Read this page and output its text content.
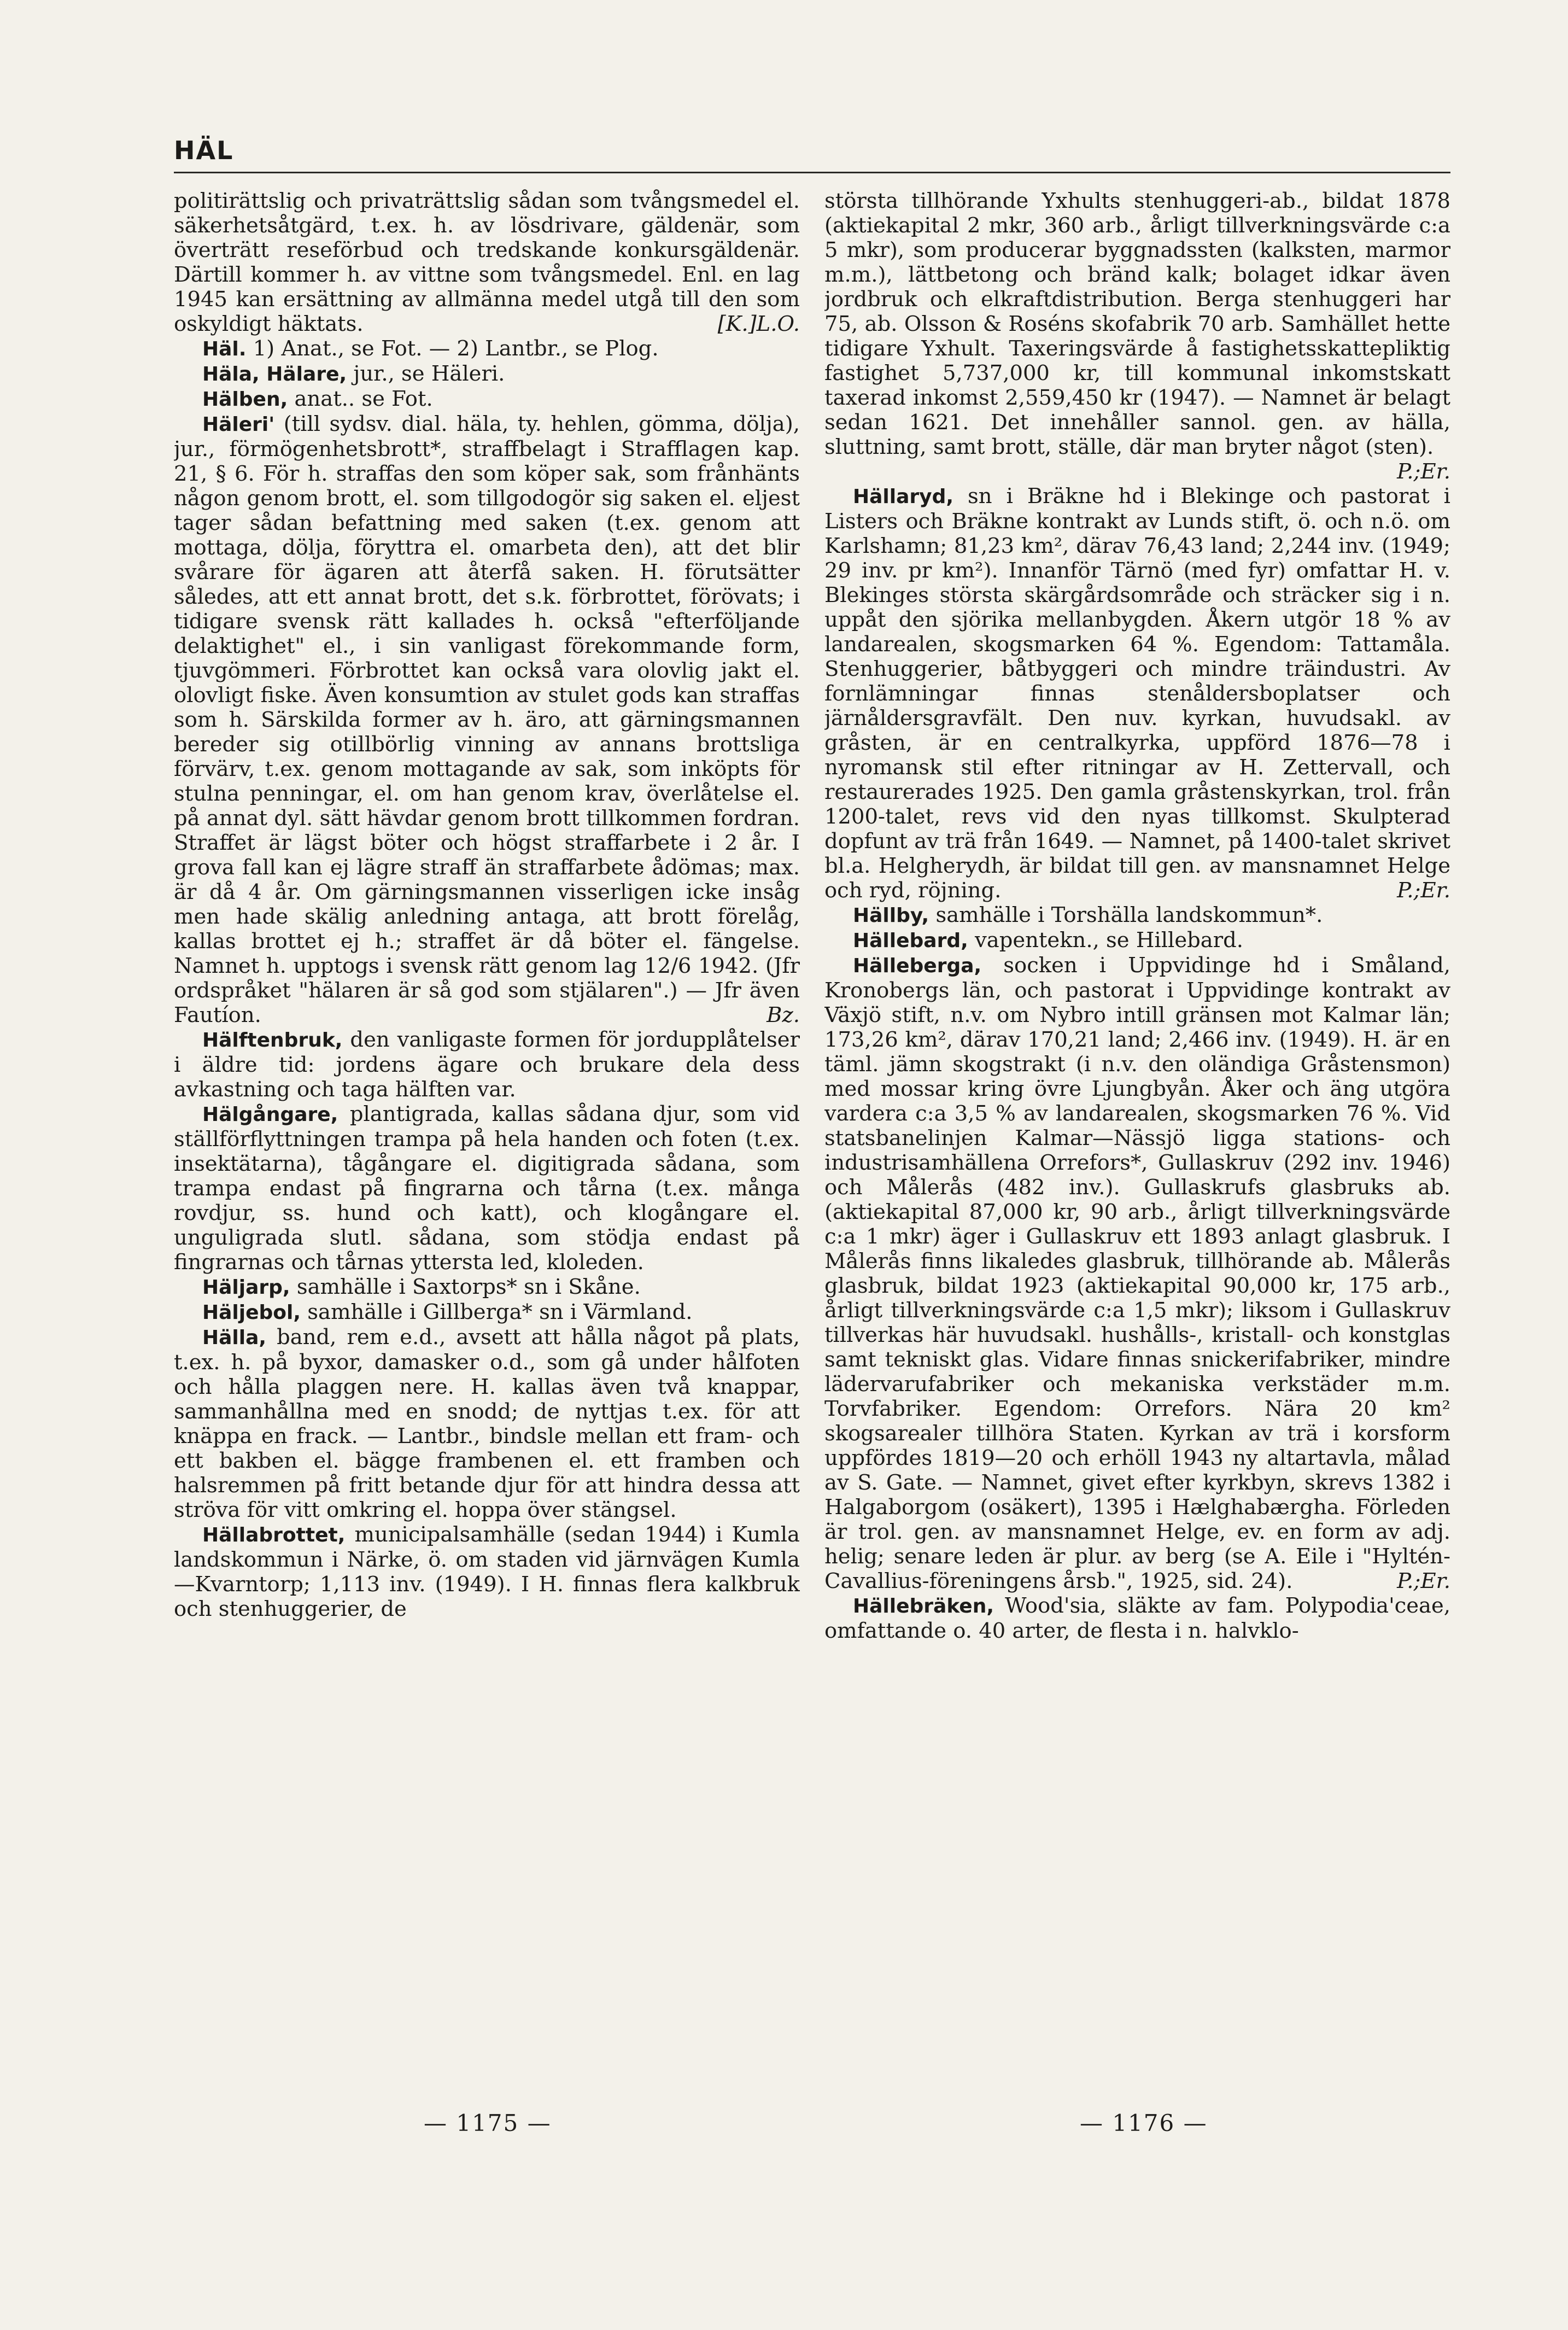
HÄL

politirättslig och privaträttslig sådan som tvångsmedel el. säkerhetsåtgärd, t.ex. h. av lösdrivare, gäldenär, som överträtt reseförbud och tredskande konkursgäldenär. Därtill kommer h. av vittne som tvångsmedel. Enl. en lag 1945 kan ersättning av allmänna medel utgå till den som oskyldigt häktats.	[K.]L.O.

Häl. 1) Anat., se Fot. — 2) Lantbr., se Plog.

Häla, Hälare, jur., se Häleri.

Hälben, anat.. se Fot.

Häleri' (till sydsv. dial. häla, ty. hehlen, gömma, dölja), jur., förmögenhetsbrott*, straffbelagt i Strafflagen kap. 21, § 6. För h. straffas den som köper sak, som frånhänts någon genom brott, el. som tillgodogör sig saken el. eljest tager sådan befattning med saken (t.ex. genom att mottaga, dölja, föryttra el. omarbeta den), att det blir svårare för ägaren att återfå saken. H. förutsätter således, att ett annat brott, det s.k. förbrottet, förövats; i tidigare svensk rätt kallades h. också "efterföljande delaktighet" el., i sin vanligast förekommande form, tjuvgömmeri. Förbrottet kan också vara olovlig jakt el. olovligt fiske. Även konsumtion av stulet gods kan straffas som h. Särskilda former av h. äro, att gärningsmannen bereder sig otillbörlig vinning av annans brottsliga förvärv, t.ex. genom mottagande av sak, som inköpts för stulna penningar, el. om han genom krav, överlåtelse el. på annat dyl. sätt hävdar genom brott tillkommen fordran. Straffet är lägst böter och högst straffarbete i 2 år. I grova fall kan ej lägre straff än straffarbete ådömas; max. är då 4 år. Om gärningsmannen visserligen icke insåg men hade skälig anledning antaga, att brott förelåg, kallas brottet ej h.; straffet är då böter el. fängelse. Namnet h. upptogs i svensk rätt genom lag 12/6 1942. (Jfr ordspråket "hälaren är så god som stjälaren".) — Jfr även Fautíon.	Bz.

Hälftenbruk, den vanligaste formen för jordupplåtelser i äldre tid: jordens ägare och brukare dela dess avkastning och taga hälften var.

Hälgångare, plantigrada, kallas sådana djur, som vid ställförflyttningen trampa på hela handen och foten (t.ex. insektätarna), tågångare el. digitigrada sådana, som trampa endast på fingrarna och tårna (t.ex. många rovdjur, ss. hund och katt), och klogångare el. unguligrada slutl. sådana, som stödja endast på fingrarnas och tårnas yttersta led, kloleden.

Häljarp, samhälle i Saxtorps* sn i Skåne.

Häljebol, samhälle i Gillberga* sn i Värmland.

Hälla, band, rem e.d., avsett att hålla något på plats, t.ex. h. på byxor, damasker o.d., som gå under hålfoten och hålla plaggen nere. H. kallas även två knappar, sammanhållna med en snodd; de nyttjas t.ex. för att knäppa en frack. — Lantbr., bindsle mellan ett fram- och ett bakben el. bägge frambenen el. ett framben och halsremmen på fritt betande djur för att hindra dessa att ströva för vitt omkring el. hoppa över stängsel.

Hällabrottet, municipalsamhälle (sedan 1944) i Kumla landskommun i Närke, ö. om staden vid järnvägen Kumla—Kvarntorp; 1,113 inv. (1949). I H. finnas flera kalkbruk och stenhuggerier, de

största tillhörande Yxhults stenhuggeri-ab., bildat 1878 (aktiekapital 2 mkr, 360 arb., årligt tillverkningsvärde c:a 5 mkr), som producerar byggnadssten (kalksten, marmor m.m.), lättbetong och bränd kalk; bolaget idkar även jordbruk och elkraftdistribution. Berga stenhuggeri har 75, ab. Olsson & Roséns skofabrik 70 arb. Samhället hette tidigare Yxhult. Taxeringsvärde å fastighetsskattepliktig fastighet 5,737,000 kr, till kommunal inkomstskatt taxerad inkomst 2,559,450 kr (1947). — Namnet är belagt sedan 1621. Det innehåller sannol. gen. av hälla, sluttning, samt brott, ställe, där man bryter något (sten).
P.;Er.

Hällaryd, sn i Bräkne hd i Blekinge och pastorat i Listers och Bräkne kontrakt av Lunds stift, ö. och n.ö. om Karlshamn; 81,23 km², därav 76,43 land; 2,244 inv. (1949; 29 inv. pr km²). Innanför Tärnö (med fyr) omfattar H. v. Blekinges största skärgårdsområde och sträcker sig i n. uppåt den sjörika mellanbygden. Åkern utgör 18 % av landarealen, skogsmarken 64 %. Egendom: Tattamåla. Stenhuggerier, båtbyggeri och mindre träindustri. Av fornlämningar finnas stenåldersboplatser och järnåldersgravfält. Den nuv. kyrkan, huvudsakl. av gråsten, är en centralkyrka, uppförd 1876—78 i nyromansk stil efter ritningar av H. Zettervall, och restaurerades 1925. Den gamla gråstenskyrkan, trol. från 1200-talet, revs vid den nyas tillkomst. Skulpterad dopfunt av trä från 1649. — Namnet, på 1400-talet skrivet bl.a. Helgherydh, är bildat till gen. av mansnamnet Helge och ryd, röjning.	P.;Er.

Hällby, samhälle i Torshälla landskommun*.

Hällebard, vapentekn., se Hillebard.

Hälleberga, socken i Uppvidinge hd i Småland, Kronobergs län, och pastorat i Uppvidinge kontrakt av Växjö stift, n.v. om Nybro intill gränsen mot Kalmar län; 173,26 km², därav 170,21 land; 2,466 inv. (1949). H. är en täml. jämn skogstrakt (i n.v. den oländiga Gråstensmon) med mossar kring övre Ljungbyån. Åker och äng utgöra vardera c:a 3,5 % av landarealen, skogsmarken 76 %. Vid statsbanelinjen Kalmar—Nässjö ligga stations- och industrisamhällena Orrefors*, Gullaskruv (292 inv. 1946) och Målerås (482 inv.). Gullaskrufs glasbruks ab. (aktiekapital 87,000 kr, 90 arb., årligt tillverkningsvärde c:a 1 mkr) äger i Gullaskruv ett 1893 anlagt glasbruk. I Målerås finns likaledes glasbruk, tillhörande ab. Målerås glasbruk, bildat 1923 (aktiekapital 90,000 kr, 175 arb., årligt tillverkningsvärde c:a 1,5 mkr); liksom i Gullaskruv tillverkas här huvudsakl. hushålls-, kristall- och konstglas samt tekniskt glas. Vidare finnas snickerifabriker, mindre lädervarufabriker och mekaniska verkstäder m.m. Torvfabriker. Egendom: Orrefors. Nära 20 km² skogsarealer tillhöra Staten. Kyrkan av trä i korsform uppfördes 1819—20 och erhöll 1943 ny altartavla, målad av S. Gate. — Namnet, givet efter kyrkbyn, skrevs 1382 i Halgaborgom (osäkert), 1395 i Hælghabærgha. Förleden är trol. gen. av mansnamnet Helge, ev. en form av adj. helig; senare leden är plur. av berg (se A. Eile i "Hyltén-Cavallius-föreningens årsb.", 1925, sid. 24).	P.;Er.

Hällebräken, Wood'sia, släkte av fam. Polypodia'ceae, omfattande o. 40 arter, de flesta i n. halvklo-

— 1175 —	— 1176 —
